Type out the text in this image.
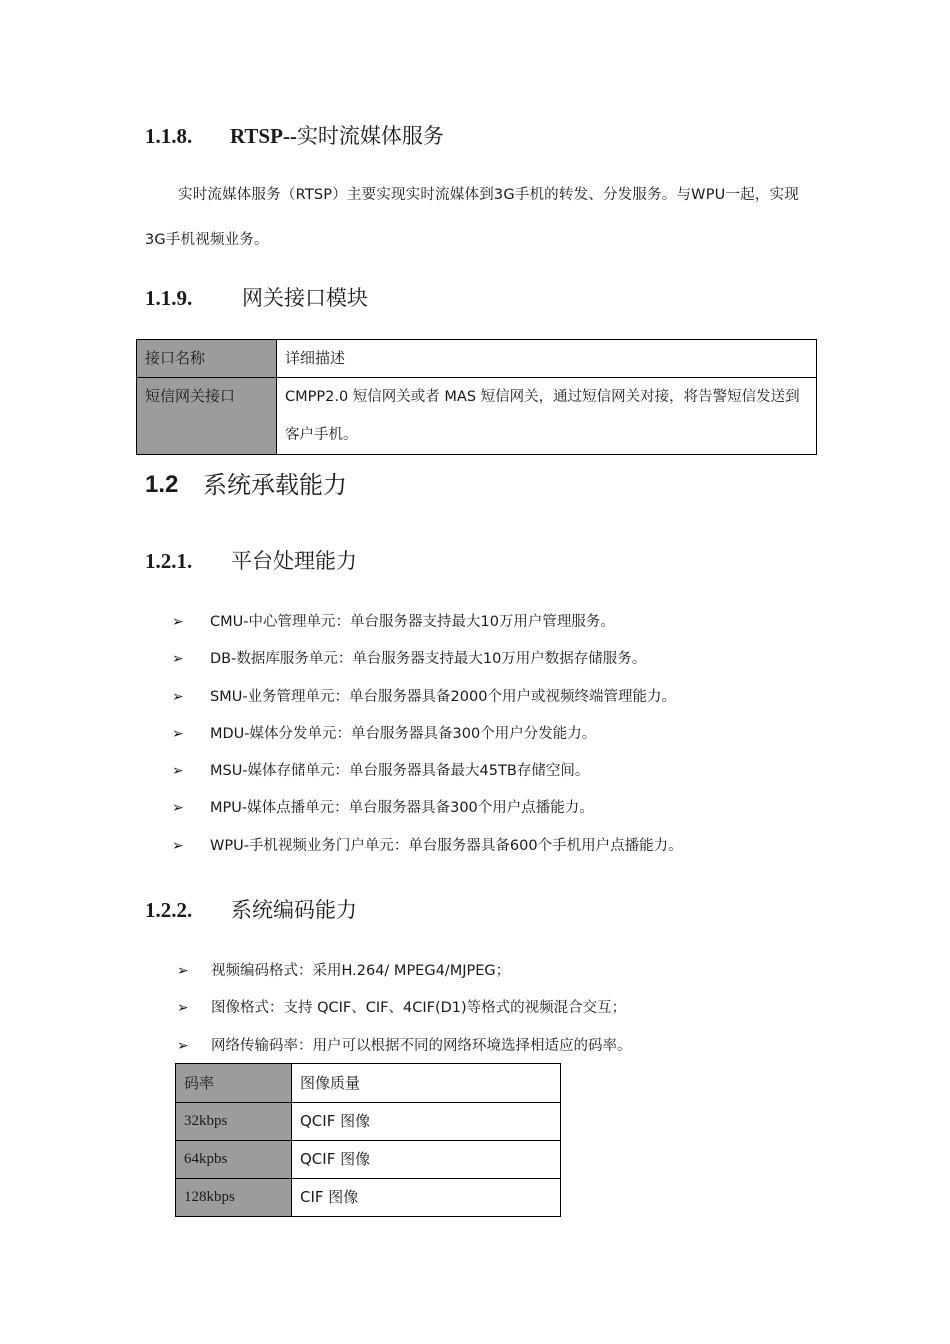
1.1.8. RTSP--实时流媒体服务
实时流媒体服务（RTSP）主要实现实时流媒体到3G手机的转发、分发服务。与WPU一起，实现3G手机视频业务。
1.1.9. 网关接口模块
接口名称	详细描述
短信网关接口	CMPP2.0 短信网关或者 MAS 短信网关，通过短信网关对接，将告警短信发送到客户手机。
1.2 系统承载能力
1.2.1. 平台处理能力
➢ CMU-中心管理单元：单台服务器支持最大10万用户管理服务。
➢ DB-数据库服务单元：单台服务器支持最大10万用户数据存储服务。
➢ SMU-业务管理单元：单台服务器具备2000个用户或视频终端管理能力。
➢ MDU-媒体分发单元：单台服务器具备300个用户分发能力。
➢ MSU-媒体存储单元：单台服务器具备最大45TB存储空间。
➢ MPU-媒体点播单元：单台服务器具备300个用户点播能力。
➢ WPU-手机视频业务门户单元：单台服务器具备600个手机用户点播能力。
1.2.2. 系统编码能力
➢ 视频编码格式：采用H.264/ MPEG4/MJPEG；
➢ 图像格式：支持 QCIF、CIF、4CIF(D1)等格式的视频混合交互；
➢ 网络传输码率：用户可以根据不同的网络环境选择相适应的码率。
码率	图像质量
32kbps	QCIF 图像
64kpbs	QCIF 图像
128kbps	CIF 图像
